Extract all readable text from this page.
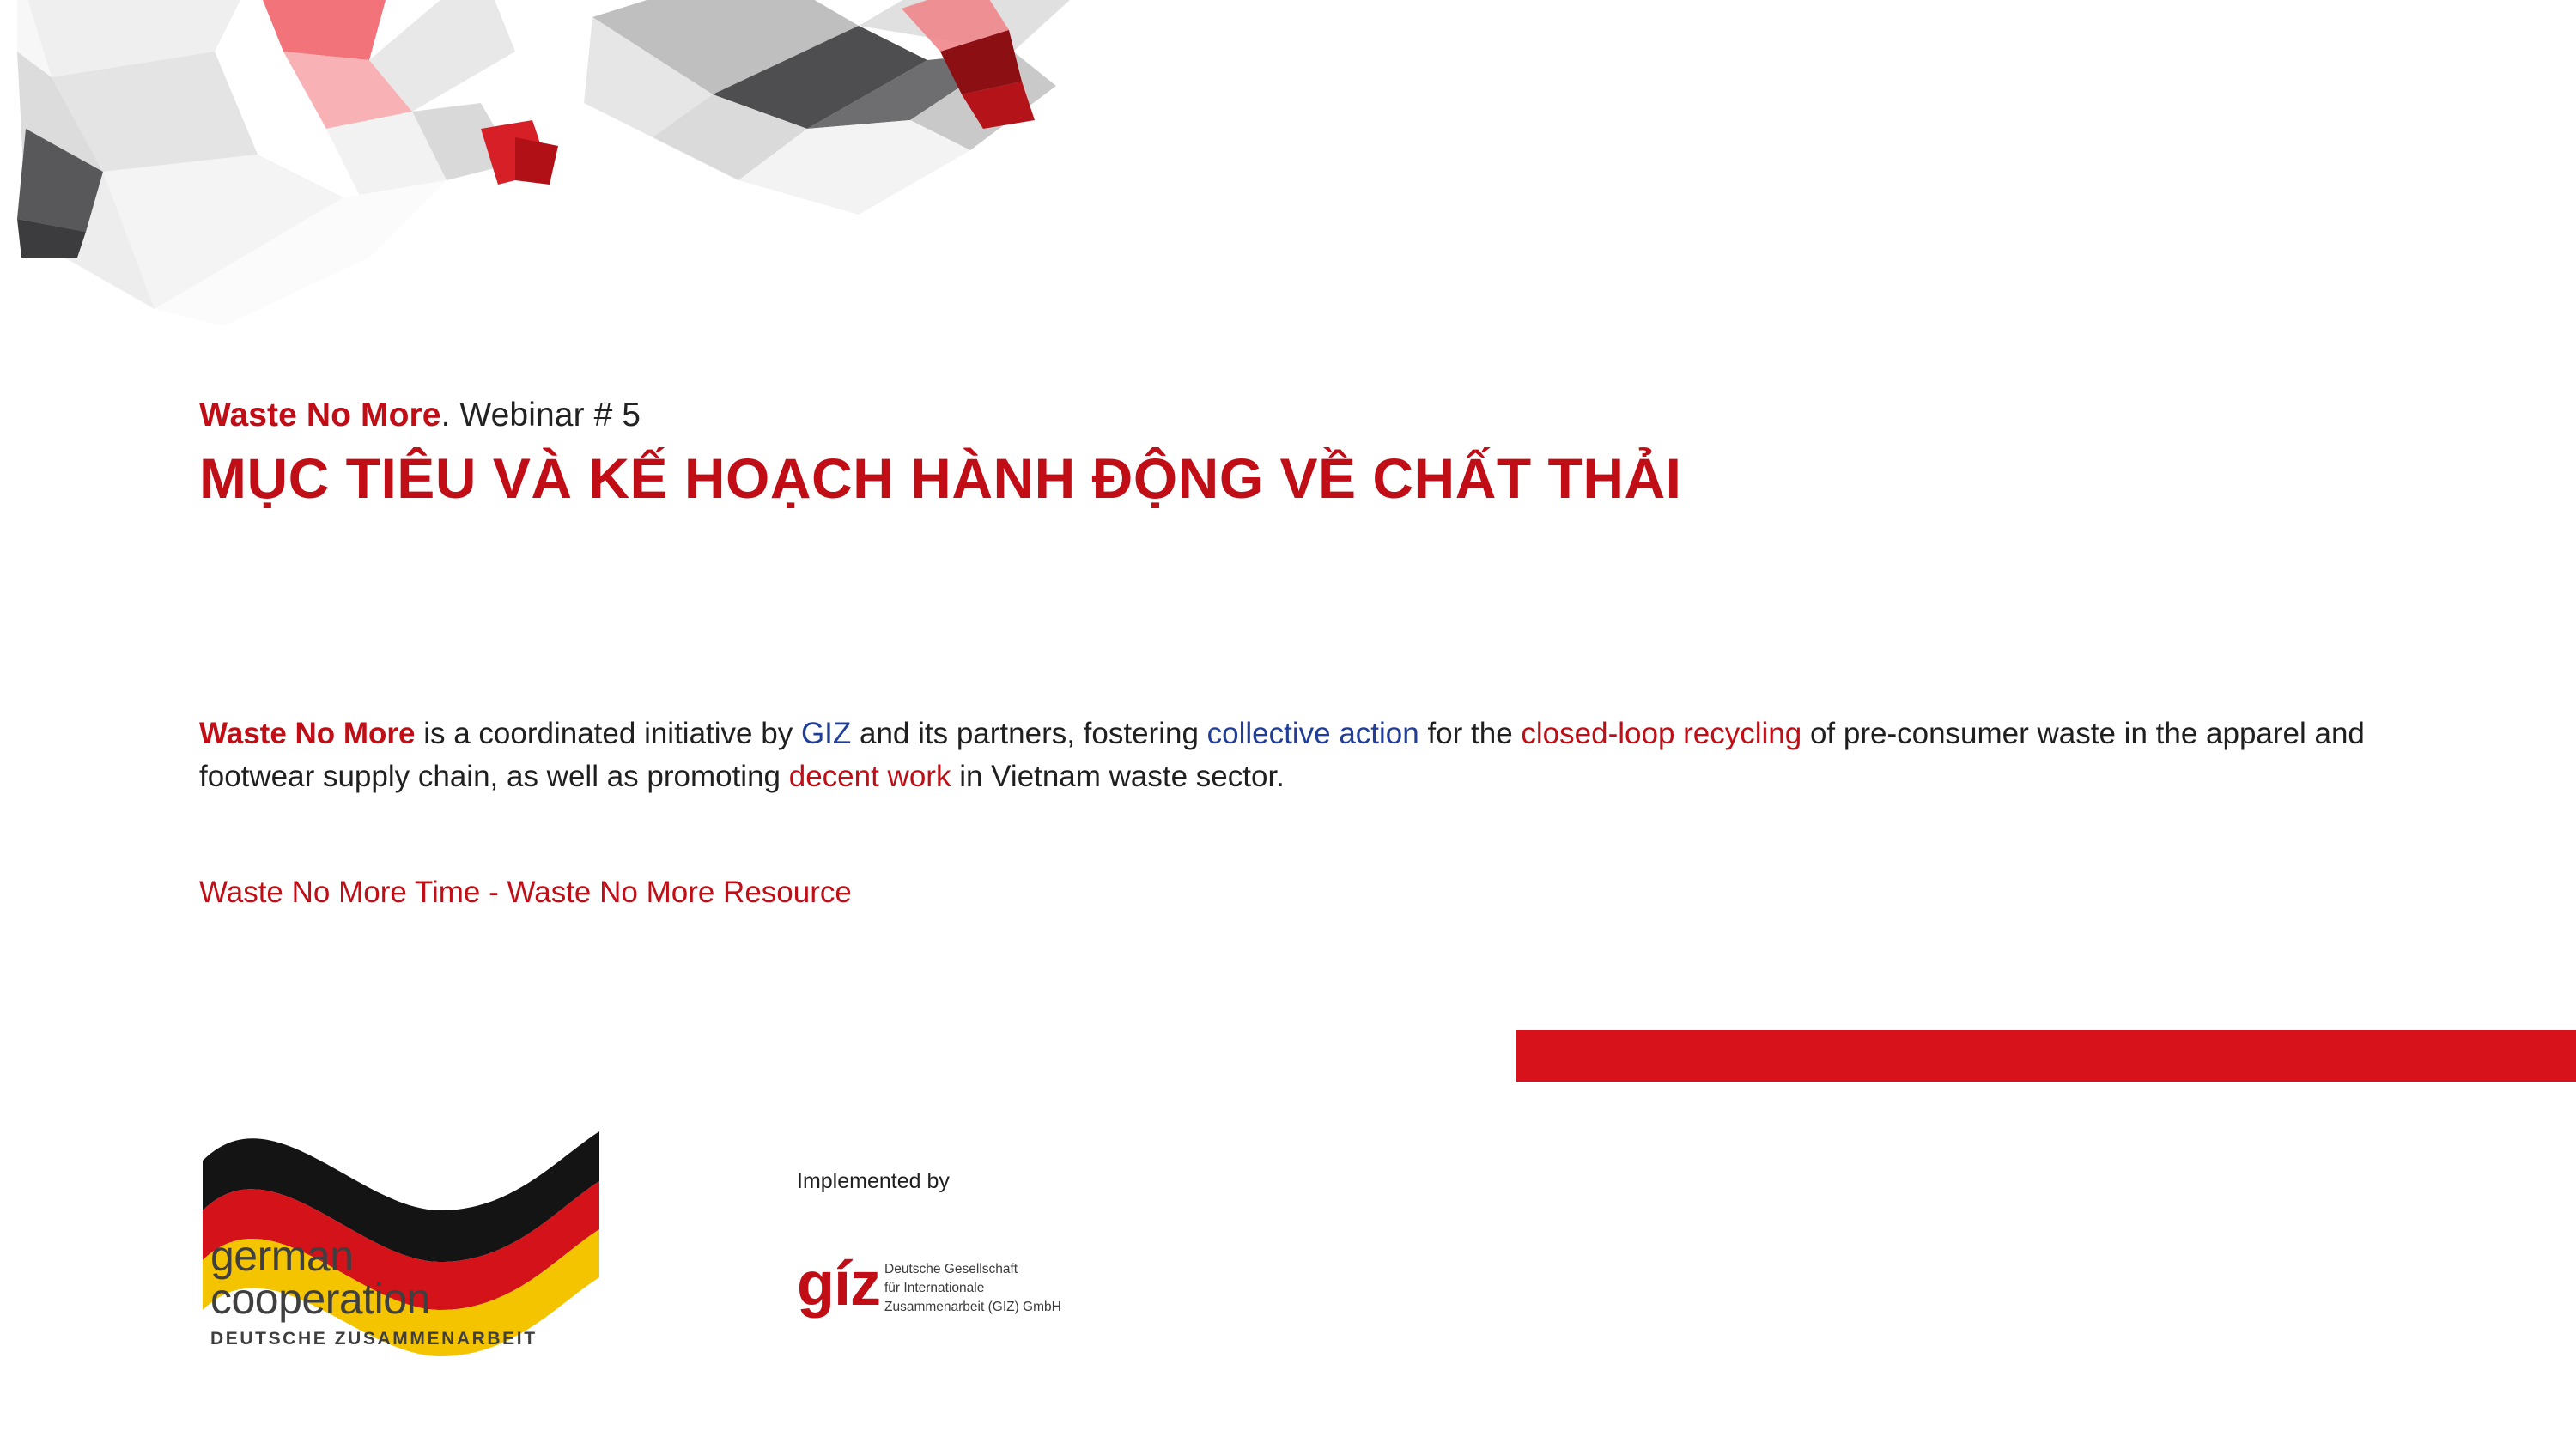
Waste No More. Webinar # 5
MỤC TIÊU VÀ KẾ HOẠCH HÀNH ĐỘNG VỀ CHẤT THẢI
Waste No More is a coordinated initiative by GIZ and its partners, fostering collective action for the closed-loop recycling of pre-consumer waste in the apparel and footwear supply chain, as well as promoting decent work in Vietnam waste sector.
Waste No More Time - Waste No More Resource
german
cooperation
DEUTSCHE ZUSAMMENARBEIT
Implemented by
gíz Deutsche Gesellschaft
für Internationale
Zusammenarbeit (GIZ) GmbH
